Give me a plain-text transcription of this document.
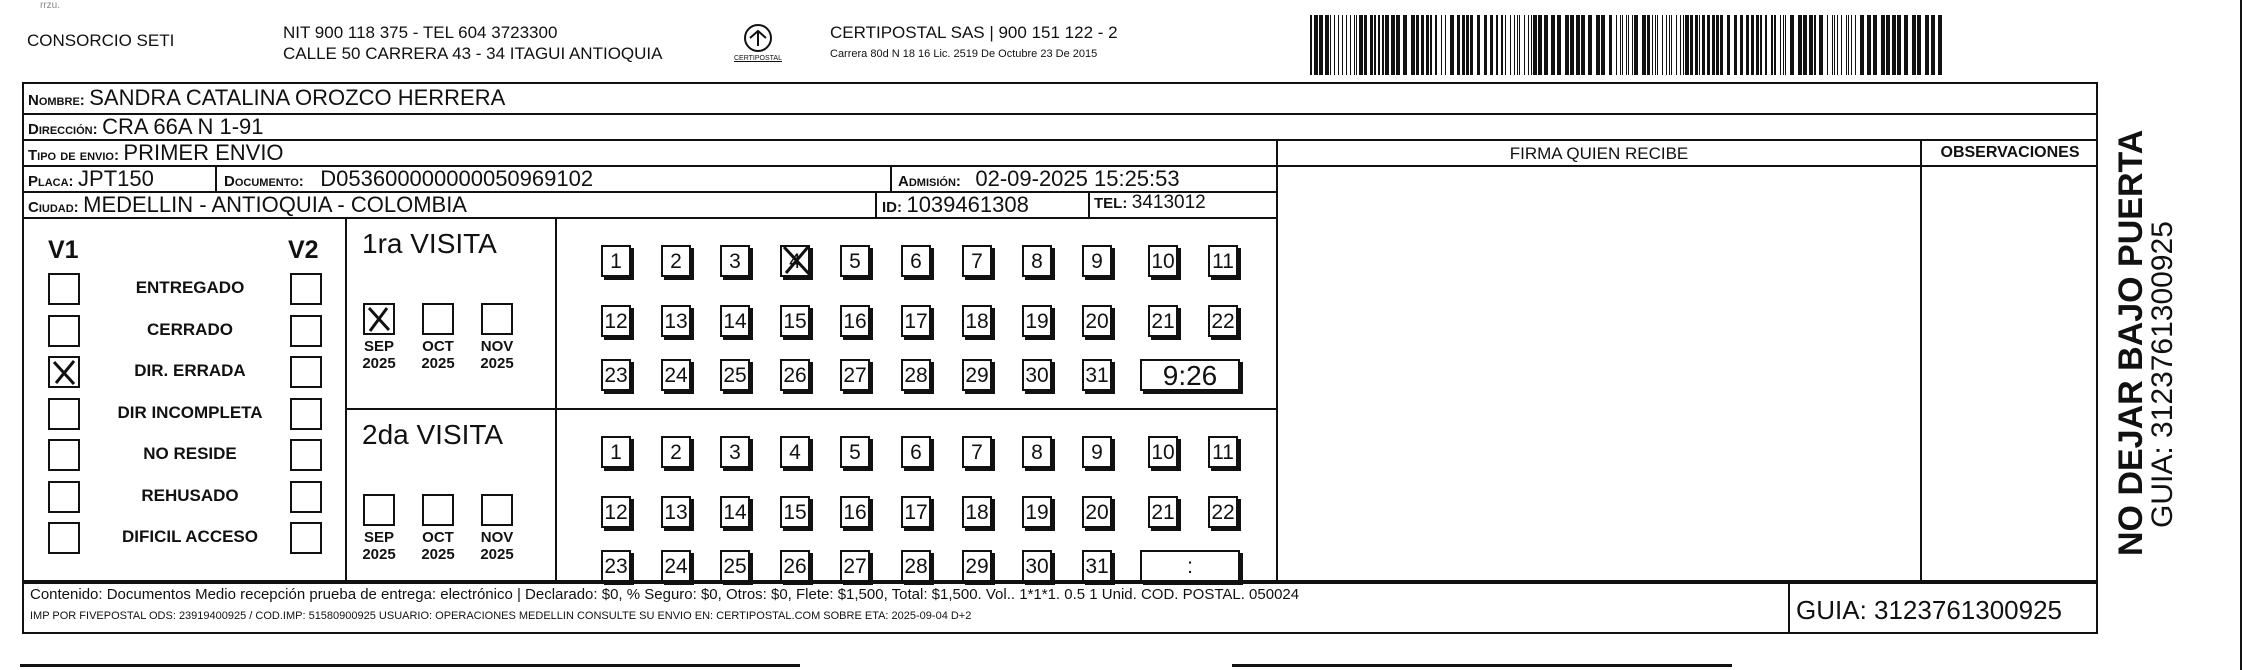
rrzu.
CONSORCIO SETI	NIT 900 118 375 - TEL 604 3723300
CALLE 50 CARRERA 43 - 34 ITAGUI ANTIOQUIA	CERTIPOSTAL
CERTIPOSTAL SAS | 900 151 122 - 2
Carrera 80d N 18 16 Lic. 2519 De Octubre 23 De 2015
Nombre: SANDRA CATALINA OROZCO HERRERA
Dirección: CRA 66A N 1-91
Tipo de envio: PRIMER ENVIO
Placa: JPT150	Documento: D053600000000050969102	Admisión: 02-09-2025 15:25:53
Ciudad: MEDELLIN - ANTIOQUIA - COLOMBIA	ID: 1039461308	TEL: 3413012
FIRMA QUIEN RECIBE	OBSERVACIONES
V1	V2
ENTREGADO
CERRADO
DIR. ERRADA
DIR INCOMPLETA
NO RESIDE
REHUSADO
DIFICIL ACCESO
1ra VISITA
SEP
2025
OCT
2025
NOV
2025
1	2	3	4	5	6	7	8	9	10 11
12 13 14 15 16 17 18 19 20 21 22
23 24 25 26 27 28 29 30 31	9:26
2da VISITA
SEP
2025
OCT
2025
NOV
2025
1	2	3	4	5	6	7	8	9	10 11
12 13 14 15 16 17 18 19 20 21 22
23 24 25 26 27 28 29 30 31	:
Contenido: Documentos Medio recepción prueba de entrega: electrónico | Declarado: $0, % Seguro: $0, Otros: $0, Flete: $1,500, Total: $1,500. Vol.. 1*1*1. 0.5 1 Unid. COD. POSTAL. 050024
IMP POR FIVEPOSTAL ODS: 23919400925 / COD.IMP: 51580900925 USUARIO: OPERACIONES MEDELLIN CONSULTE SU ENVIO EN: CERTIPOSTAL.COM SOBRE ETA: 2025-09-04 D+2	GUIA: 3123761300925
NO DEJAR BAJO PUERTA
GUIA: 3123761300925
